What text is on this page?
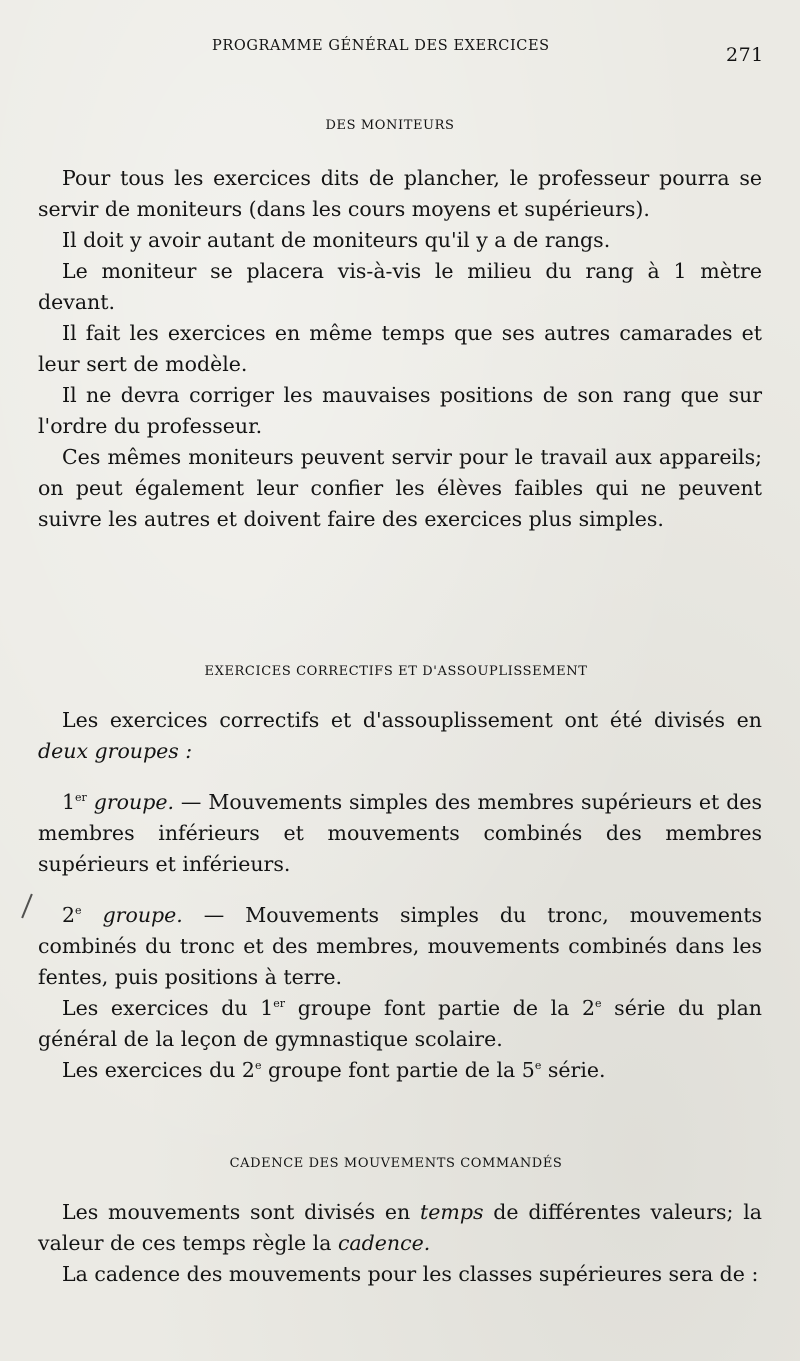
PROGRAMME GÉNÉRAL DES EXERCICES	271
DES MONITEURS

Pour tous les exercices dits de plancher, le professeur pourra se servir de moniteurs (dans les cours moyens et supérieurs).

Il doit y avoir autant de moniteurs qu'il y a de rangs.

Le moniteur se placera vis-à-vis le milieu du rang à 1 mètre devant.

Il fait les exercices en même temps que ses autres camarades et leur sert de modèle.

Il ne devra corriger les mauvaises positions de son rang que sur l'ordre du professeur.

Ces mêmes moniteurs peuvent servir pour le travail aux appareils; on peut également leur confier les élèves faibles qui ne peuvent suivre les autres et doivent faire des exercices plus simples.

EXERCICES CORRECTIFS ET D'ASSOUPLISSEMENT

Les exercices correctifs et d'assouplissement ont été divisés en deux groupes :

1er groupe. — Mouvements simples des membres supérieurs et des membres inférieurs et mouvements combinés des membres supérieurs et inférieurs.

2e groupe. — Mouvements simples du tronc, mouvements combinés du tronc et des membres, mouvements combinés dans les fentes, puis positions à terre.

Les exercices du 1er groupe font partie de la 2e série du plan général de la leçon de gymnastique scolaire.

Les exercices du 2e groupe font partie de la 5e série.

CADENCE DES MOUVEMENTS COMMANDÉS

Les mouvements sont divisés en temps de différentes valeurs; la valeur de ces temps règle la cadence.

La cadence des mouvements pour les classes supérieures sera de :
